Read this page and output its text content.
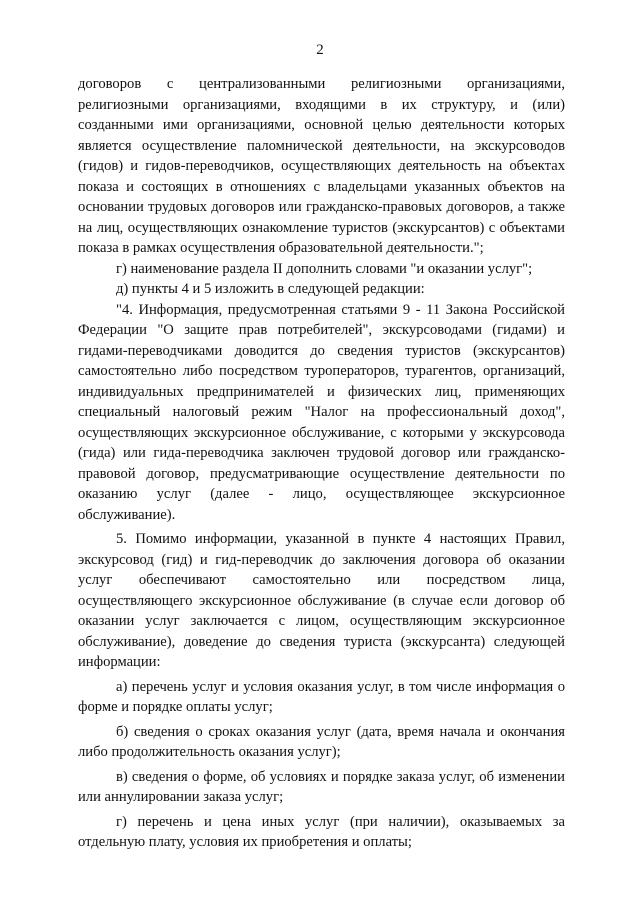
2

договоров с централизованными религиозными организациями, религиозными организациями, входящими в их структуру, и (или) созданными ими организациями, основной целью деятельности которых является осуществление паломнической деятельности, на экскурсоводов (гидов) и гидов-переводчиков, осуществляющих деятельность на объектах показа и состоящих в отношениях с владельцами указанных объектов на основании трудовых договоров или гражданско-правовых договоров, а также на лиц, осуществляющих ознакомление туристов (экскурсантов) с объектами показа в рамках осуществления образовательной деятельности.";

г) наименование раздела II дополнить словами "и оказании услуг";

д) пункты 4 и 5 изложить в следующей редакции:

"4. Информация, предусмотренная статьями 9 - 11 Закона Российской Федерации "О защите прав потребителей", экскурсоводами (гидами) и гидами-переводчиками доводится до сведения туристов (экскурсантов) самостоятельно либо посредством туроператоров, турагентов, организаций, индивидуальных предпринимателей и физических лиц, применяющих специальный налоговый режим "Налог на профессиональный доход", осуществляющих экскурсионное обслуживание, с которыми у экскурсовода (гида) или гида-переводчика заключен трудовой договор или гражданско-правовой договор, предусматривающие осуществление деятельности по оказанию услуг (далее - лицо, осуществляющее экскурсионное обслуживание).

5. Помимо информации, указанной в пункте 4 настоящих Правил, экскурсовод (гид) и гид-переводчик до заключения договора об оказании услуг обеспечивают самостоятельно или посредством лица, осуществляющего экскурсионное обслуживание (в случае если договор об оказании услуг заключается с лицом, осуществляющим экскурсионное обслуживание), доведение до сведения туриста (экскурсанта) следующей информации:

а) перечень услуг и условия оказания услуг, в том числе информация о форме и порядке оплаты услуг;

б) сведения о сроках оказания услуг (дата, время начала и окончания либо продолжительность оказания услуг);

в) сведения о форме, об условиях и порядке заказа услуг, об изменении или аннулировании заказа услуг;

г) перечень и цена иных услуг (при наличии), оказываемых за отдельную плату, условия их приобретения и оплаты;
